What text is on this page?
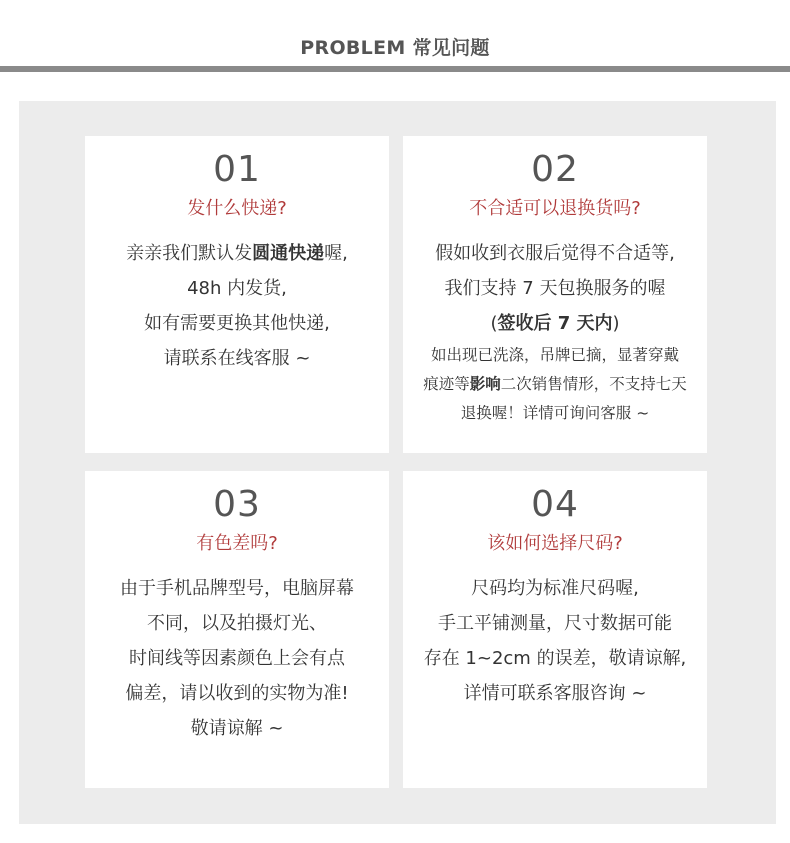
PROBLEM 常见问题
01
发什么快递?
亲亲我们默认发圆通快递喔,
48h 内发货,
如有需要更换其他快递,
请联系在线客服 ~
02
不合适可以退换货吗?
假如收到衣服后觉得不合适等,
我们支持 7 天包换服务的喔
(签收后 7 天内)
如出现已洗涤，吊牌已摘，显著穿戴
痕迹等影响二次销售情形，不支持七天
退换喔！详情可询问客服 ~
03
有色差吗?
由于手机品牌型号，电脑屏幕
不同，以及拍摄灯光、
时间线等因素颜色上会有点
偏差，请以收到的实物为准!
敬请谅解 ~
04
该如何选择尺码?
尺码均为标准尺码喔,
手工平铺测量，尺寸数据可能
存在 1~2cm 的误差，敬请谅解,
详情可联系客服咨询 ~
